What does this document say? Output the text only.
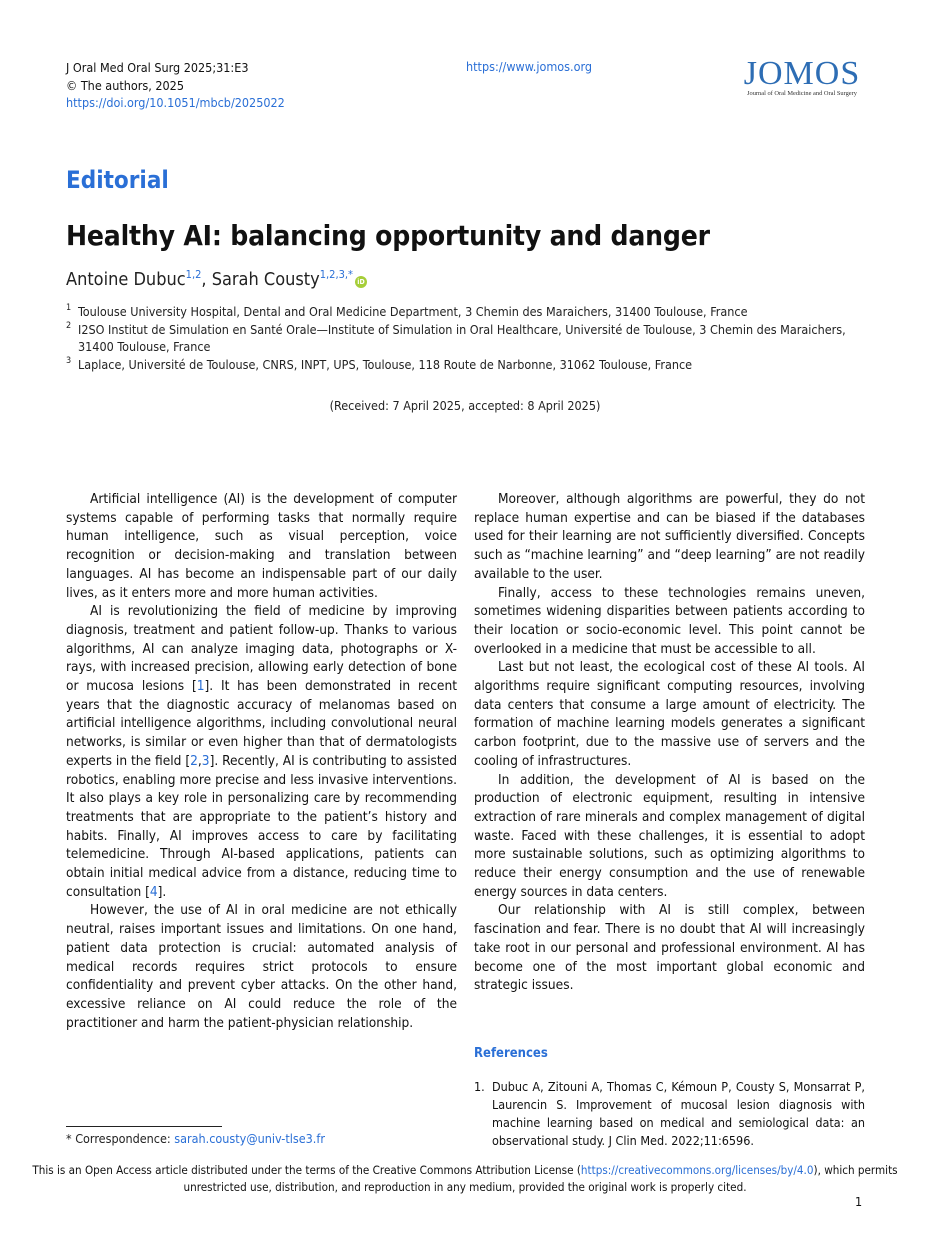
J Oral Med Oral Surg 2025;31:E3
© The authors, 2025
https://doi.org/10.1051/mbcb/2025022
https://www.jomos.org	JOMOS
Journal of Oral Medicine and Oral Surgery
Editorial
Healthy AI: balancing opportunity and danger
Antoine Dubuc$^{1,2}$, Sarah Cousty$^{1,2,3,*}$iD
1 Toulouse University Hospital, Dental and Oral Medicine Department, 3 Chemin des Maraichers, 31400 Toulouse, France
2 I2SO Institut de Simulation en Santé Orale—Institute of Simulation in Oral Healthcare, Université de Toulouse, 3 Chemin des Maraichers, 31400 Toulouse, France
3 Laplace, Université de Toulouse, CNRS, INPT, UPS, Toulouse, 118 Route de Narbonne, 31062 Toulouse, France
(Received: 7 April 2025, accepted: 8 April 2025)

Artificial intelligence (AI) is the development of computer systems capable of performing tasks that normally require human intelligence, such as visual perception, voice recognition or decision-making and translation between languages. AI has become an indispensable part of our daily lives, as it enters more and more human activities.

AI is revolutionizing the field of medicine by improving diagnosis, treatment and patient follow-up. Thanks to various algorithms, AI can analyze imaging data, photographs or X-rays, with increased precision, allowing early detection of bone or mucosa lesions [1]. It has been demonstrated in recent years that the diagnostic accuracy of melanomas based on artificial intelligence algorithms, including convolutional neural networks, is similar or even higher than that of dermatologists experts in the field [2,3]. Recently, AI is contributing to assisted robotics, enabling more precise and less invasive interventions. It also plays a key role in personalizing care by recommending treatments that are appropriate to the patient’s history and habits. Finally, AI improves access to care by facilitating telemedicine. Through AI-based applications, patients can obtain initial medical advice from a distance, reducing time to consultation [4].

However, the use of AI in oral medicine are not ethically neutral, raises important issues and limitations. On one hand, patient data protection is crucial: automated analysis of medical records requires strict protocols to ensure confidentiality and prevent cyber attacks. On the other hand, excessive reliance on AI could reduce the role of the practitioner and harm the patient-physician relationship.

Moreover, although algorithms are powerful, they do not replace human expertise and can be biased if the databases used for their learning are not sufficiently diversified. Concepts such as “machine learning” and “deep learning” are not readily available to the user.

Finally, access to these technologies remains uneven, sometimes widening disparities between patients according to their location or socio-economic level. This point cannot be overlooked in a medicine that must be accessible to all.

Last but not least, the ecological cost of these AI tools. AI algorithms require significant computing resources, involving data centers that consume a large amount of electricity. The formation of machine learning models generates a significant carbon footprint, due to the massive use of servers and the cooling of infrastructures.

In addition, the development of AI is based on the production of electronic equipment, resulting in intensive extraction of rare minerals and complex management of digital waste. Faced with these challenges, it is essential to adopt more sustainable solutions, such as optimizing algorithms to reduce their energy consumption and the use of renewable energy sources in data centers.

Our relationship with AI is still complex, between fascination and fear. There is no doubt that AI will increasingly take root in our personal and professional environment. AI has become one of the most important global economic and strategic issues.

References
1. Dubuc A, Zitouni A, Thomas C, Kémoun P, Cousty S, Monsarrat P, Laurencin S. Improvement of mucosal lesion diagnosis with machine learning based on medical and semiological data: an observational study. J Clin Med. 2022;11:6596.
* Correspondence: sarah.cousty@univ-tlse3.fr
This is an Open Access article distributed under the terms of the Creative Commons Attribution License (https://creativecommons.org/licenses/by/4.0), which permits
unrestricted use, distribution, and reproduction in any medium, provided the original work is properly cited.
1
